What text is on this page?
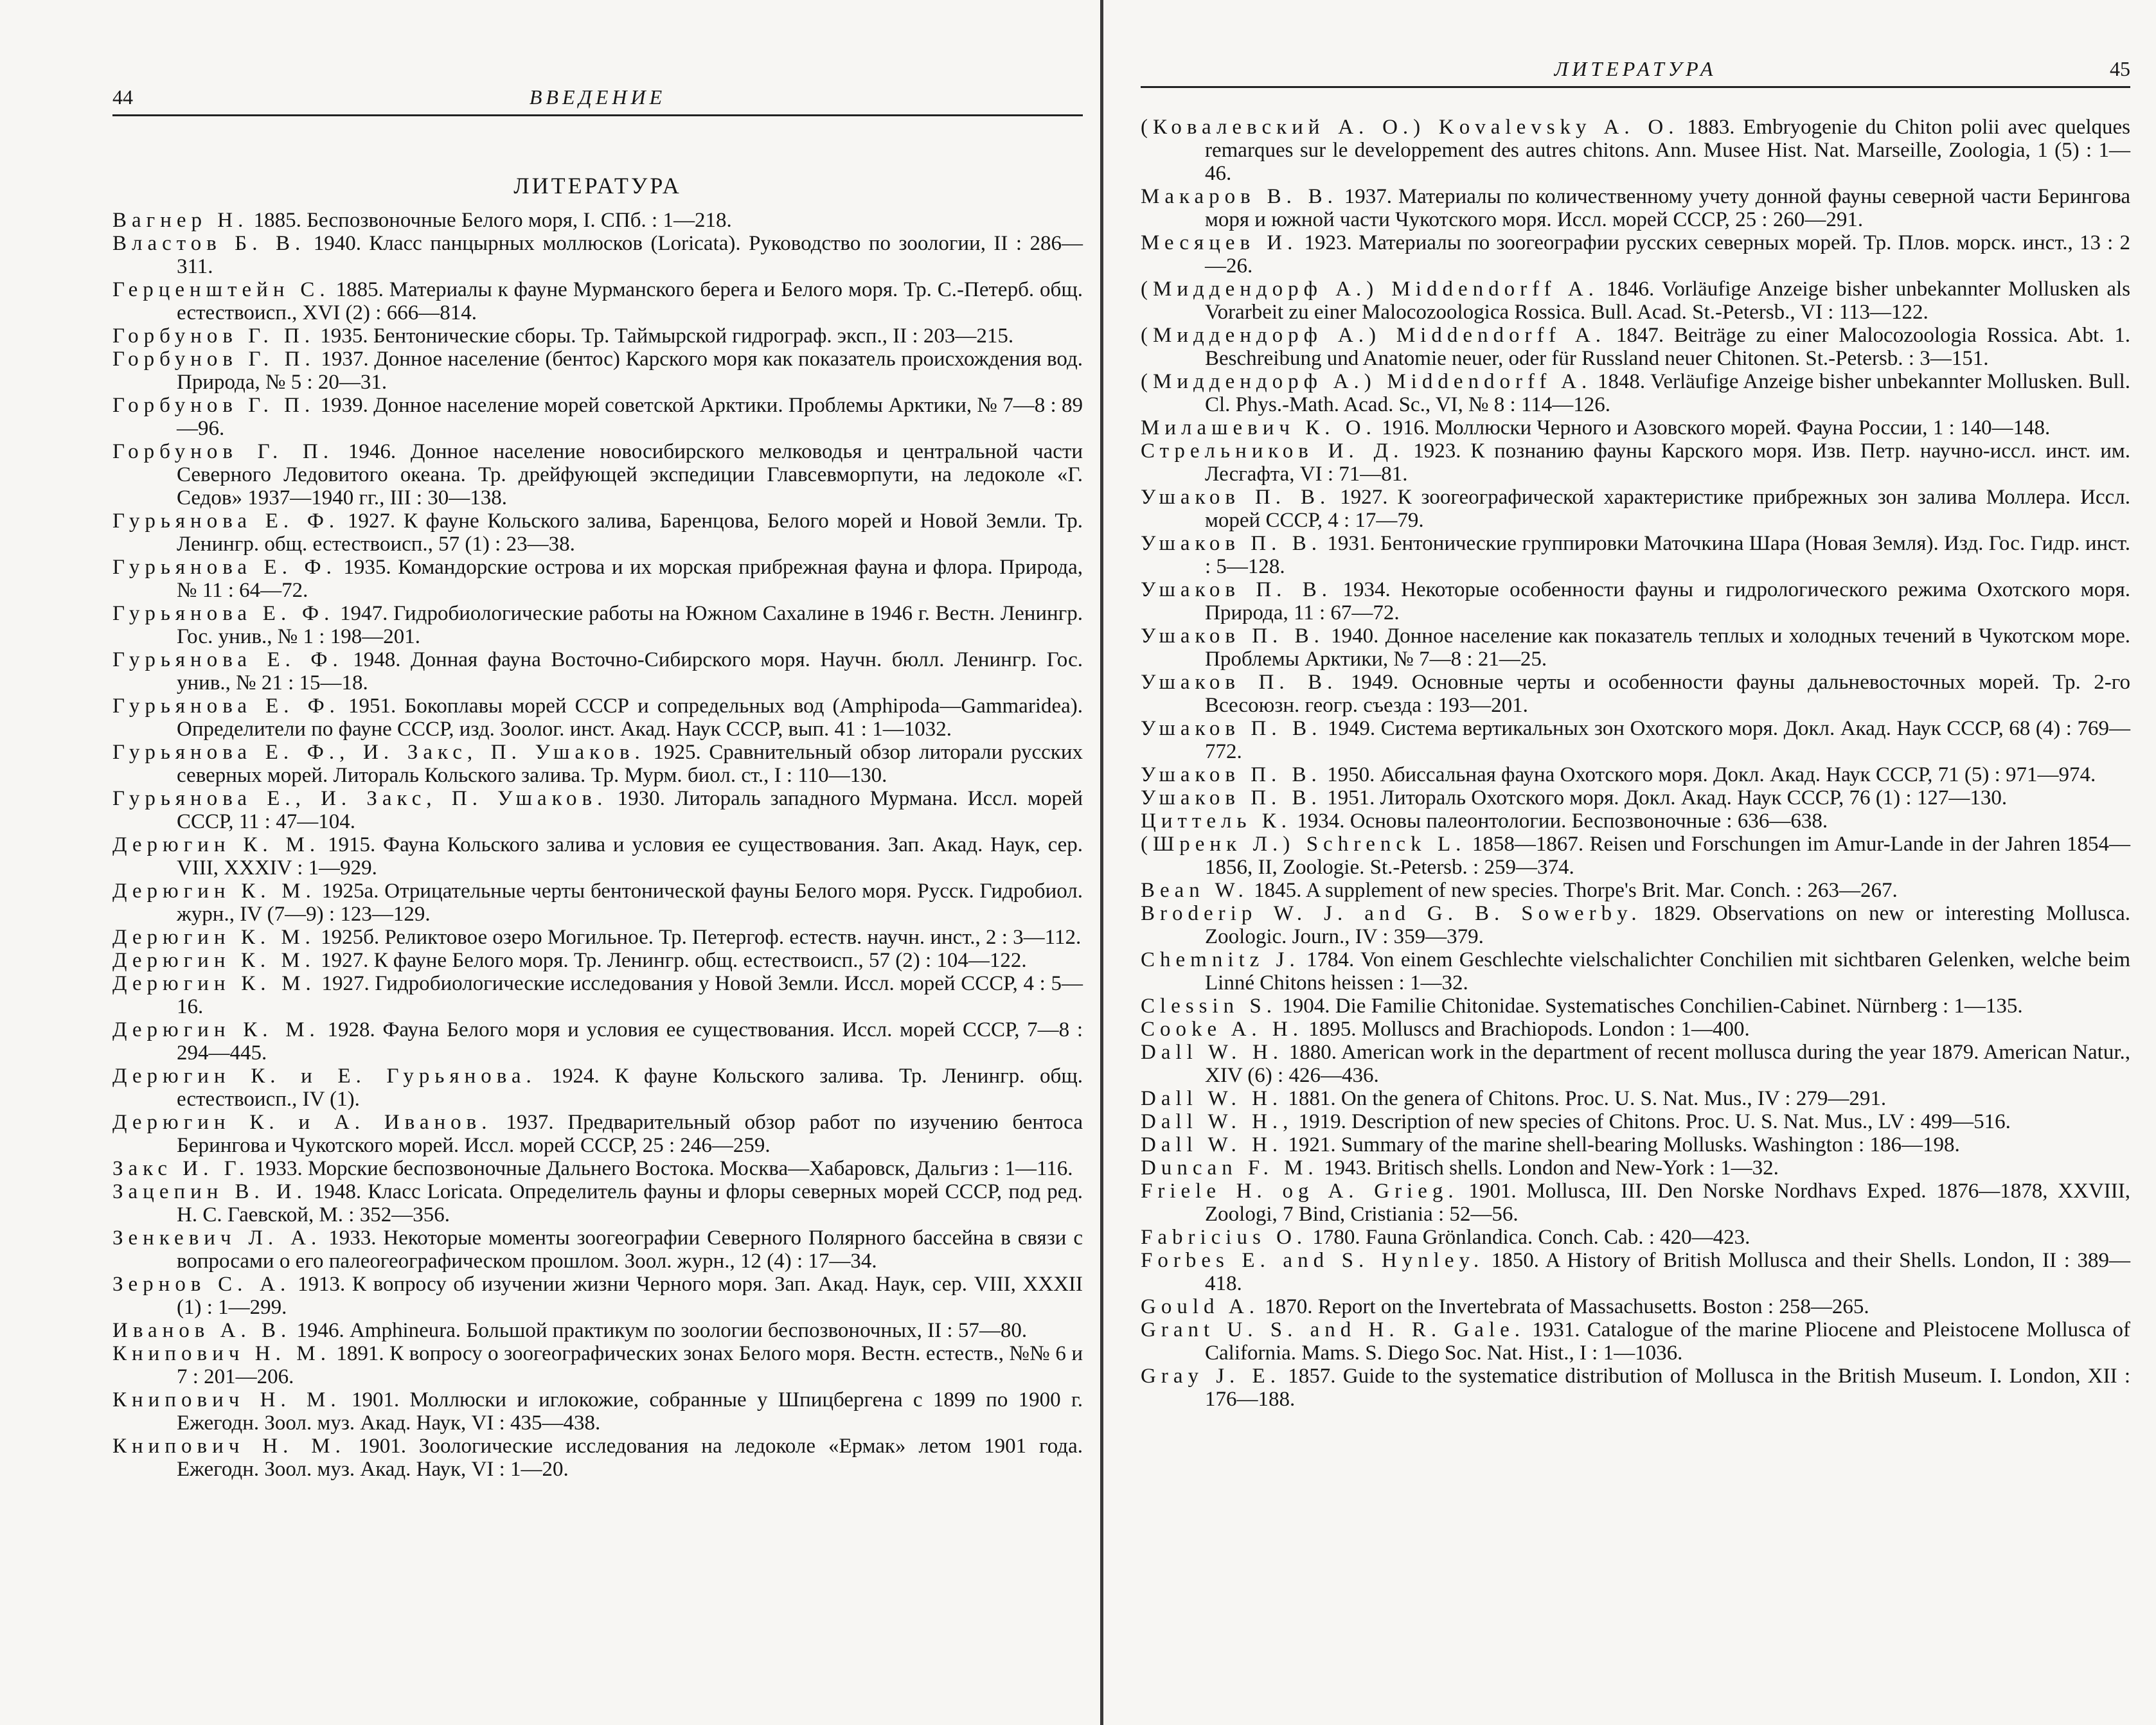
44	ВВЕДЕНИЕ
ЛИТЕРАТУРА
Вагнер Н. 1885. Беспозвоночные Белого моря, I. СПб. : 1—218.
Властов Б. В. 1940. Класс панцырных моллюсков (Loricata). Руководство по зоологии, II : 286—311.
Герценштейн С. 1885. Материалы к фауне Мурманского берега и Белого моря. Тр. С.-Петерб. общ. естествоисп., XVI (2) : 666—814.
Горбунов Г. П. 1935. Бентонические сборы. Тр. Таймырской гидрограф. эксп., II : 203—215.
Горбунов Г. П. 1937. Донное население (бентос) Карского моря как показатель происхождения вод. Природа, № 5 : 20—31.
Горбунов Г. П. 1939. Донное население морей советской Арктики. Проблемы Арктики, № 7—8 : 89—96.
Горбунов Г. П. 1946. Донное население новосибирского мелководья и центральной части Северного Ледовитого океана. Тр. дрейфующей экспедиции Главсевморпути, на ледоколе «Г. Седов» 1937—1940 гг., III : 30—138.
Гурьянова Е. Ф. 1927. К фауне Кольского залива, Баренцова, Белого морей и Новой Земли. Тр. Ленингр. общ. естествоисп., 57 (1) : 23—38.
Гурьянова Е. Ф. 1935. Командорские острова и их морская прибрежная фауна и флора. Природа, № 11 : 64—72.
Гурьянова Е. Ф. 1947. Гидробиологические работы на Южном Сахалине в 1946 г. Вестн. Ленингр. Гос. унив., № 1 : 198—201.
Гурьянова Е. Ф. 1948. Донная фауна Восточно-Сибирского моря. Научн. бюлл. Ленингр. Гос. унив., № 21 : 15—18.
Гурьянова Е. Ф. 1951. Бокоплавы морей СССР и сопредельных вод (Amphipoda—Gammaridea). Определители по фауне СССР, изд. Зоолог. инст. Акад. Наук СССР, вып. 41 : 1—1032.
Гурьянова Е. Ф., И. Закс, П. Ушаков. 1925. Сравнительный обзор литорали русских северных морей. Литораль Кольского залива. Тр. Мурм. биол. ст., I : 110—130.
Гурьянова Е., И. Закс, П. Ушаков. 1930. Литораль западного Мурмана. Иссл. морей СССР, 11 : 47—104.
Дерюгин К. М. 1915. Фауна Кольского залива и условия ее существования. Зап. Акад. Наук, сер. VIII, XXXIV : 1—929.
Дерюгин К. М. 1925а. Отрицательные черты бентонической фауны Белого моря. Русск. Гидробиол. журн., IV (7—9) : 123—129.
Дерюгин К. М. 1925б. Реликтовое озеро Могильное. Тр. Петергоф. естеств. научн. инст., 2 : 3—112.
Дерюгин К. М. 1927. К фауне Белого моря. Тр. Ленингр. общ. естествоисп., 57 (2) : 104—122.
Дерюгин К. М. 1927. Гидробиологические исследования у Новой Земли. Иссл. морей СССР, 4 : 5—16.
Дерюгин К. М. 1928. Фауна Белого моря и условия ее существования. Иссл. морей СССР, 7—8 : 294—445.
Дерюгин К. и Е. Гурьянова. 1924. К фауне Кольского залива. Тр. Ленингр. общ. естествоисп., IV (1).
Дерюгин К. и А. Иванов. 1937. Предварительный обзор работ по изучению бентоса Берингова и Чукотского морей. Иссл. морей СССР, 25 : 246—259.
Закс И. Г. 1933. Морские беспозвоночные Дальнего Востока. Москва—Хабаровск, Дальгиз : 1—116.
Зацепин В. И. 1948. Класс Loricata. Определитель фауны и флоры северных морей СССР, под ред. Н. С. Гаевской, М. : 352—356.
Зенкевич Л. А. 1933. Некоторые моменты зоогеографии Северного Полярного бассейна в связи с вопросами о его палеогеографическом прошлом. Зоол. журн., 12 (4) : 17—34.
Зернов С. А. 1913. К вопросу об изучении жизни Черного моря. Зап. Акад. Наук, сер. VIII, XXXII (1) : 1—299.
Иванов А. В. 1946. Amphineura. Большой практикум по зоологии беспозвоночных, II : 57—80.
Книпович Н. М. 1891. К вопросу о зоогеографических зонах Белого моря. Вестн. естеств., №№ 6 и 7 : 201—206.
Книпович Н. М. 1901. Моллюски и иглокожие, собранные у Шпицбергена с 1899 по 1900 г. Ежегодн. Зоол. муз. Акад. Наук, VI : 435—438.
Книпович Н. М. 1901. Зоологические исследования на ледоколе «Ермак» летом 1901 года. Ежегодн. Зоол. муз. Акад. Наук, VI : 1—20.
ЛИТЕРАТУРА	45
(Ковалевский А. О.) Kovalevsky A. O. 1883. Embryogenie du Chiton polii avec quelques remarques sur le developpement des autres chitons. Ann. Musee Hist. Nat. Marseille, Zoologia, 1 (5) : 1—46.
Макаров В. В. 1937. Материалы по количественному учету донной фауны северной части Берингова моря и южной части Чукотского моря. Иссл. морей СССР, 25 : 260—291.
Месяцев И. 1923. Материалы по зоогеографии русских северных морей. Тр. Плов. морск. инст., 13 : 2—26.
(Миддендорф А.) Middendorff A. 1846. Vorläufige Anzeige bisher unbekannter Mollusken als Vorarbeit zu einer Malocozoologica Rossica. Bull. Acad. St.-Petersb., VI : 113—122.
(Миддендорф А.) Middendorff A. 1847. Beiträge zu einer Malocozoologia Rossica. Abt. 1. Beschreibung und Anatomie neuer, oder für Russland neuer Chitonen. St.-Petersb. : 3—151.
(Миддендорф А.) Middendorff A. 1848. Verläufige Anzeige bisher unbekannter Mollusken. Bull. Cl. Phys.-Math. Acad. Sc., VI, № 8 : 114—126.
Милашевич К. О. 1916. Моллюски Черного и Азовского морей. Фауна России, 1 : 140—148.
Стрельников И. Д. 1923. К познанию фауны Карского моря. Изв. Петр. научно-иссл. инст. им. Лесгафта, VI : 71—81.
Ушаков П. В. 1927. К зоогеографической характеристике прибрежных зон залива Моллера. Иссл. морей СССР, 4 : 17—79.
Ушаков П. В. 1931. Бентонические группировки Маточкина Шара (Новая Земля). Изд. Гос. Гидр. инст. : 5—128.
Ушаков П. В. 1934. Некоторые особенности фауны и гидрологического режима Охотского моря. Природа, 11 : 67—72.
Ушаков П. В. 1940. Донное население как показатель теплых и холодных течений в Чукотском море. Проблемы Арктики, № 7—8 : 21—25.
Ушаков П. В. 1949. Основные черты и особенности фауны дальневосточных морей. Тр. 2-го Всесоюзн. геогр. съезда : 193—201.
Ушаков П. В. 1949. Система вертикальных зон Охотского моря. Докл. Акад. Наук СССР, 68 (4) : 769—772.
Ушаков П. В. 1950. Абиссальная фауна Охотского моря. Докл. Акад. Наук СССР, 71 (5) : 971—974.
Ушаков П. В. 1951. Литораль Охотского моря. Докл. Акад. Наук СССР, 76 (1) : 127—130.
Циттель К. 1934. Основы палеонтологии. Беспозвоночные : 636—638.
(Шренк Л.) Schrenck L. 1858—1867. Reisen und Forschungen im Amur-Lande in der Jahren 1854—1856, II, Zoologie. St.-Petersb. : 259—374.
Bean W. 1845. A supplement of new species. Thorpe's Brit. Mar. Conch. : 263—267.
Broderip W. J. and G. B. Sowerby. 1829. Observations on new or interesting Mollusca. Zoologic. Journ., IV : 359—379.
Chemnitz J. 1784. Von einem Geschlechte vielschalichter Conchilien mit sichtbaren Gelenken, welche beim Linné Chitons heissen : 1—32.
Clessin S. 1904. Die Familie Chitonidae. Systematisches Conchilien-Cabinet. Nürnberg : 1—135.
Cooke A. H. 1895. Molluscs and Brachiopods. London : 1—400.
Dall W. H. 1880. American work in the department of recent mollusca during the year 1879. American Natur., XIV (6) : 426—436.
Dall W. H. 1881. On the genera of Chitons. Proc. U. S. Nat. Mus., IV : 279—291.
Dall W. H., 1919. Description of new species of Chitons. Proc. U. S. Nat. Mus., LV : 499—516.
Dall W. H. 1921. Summary of the marine shell-bearing Mollusks. Washington : 186—198.
Duncan F. M. 1943. Britisch shells. London and New-York : 1—32.
Friele H. og A. Grieg. 1901. Mollusca, III. Den Norske Nordhavs Exped. 1876—1878, XXVIII, Zoologi, 7 Bind, Cristiania : 52—56.
Fabricius O. 1780. Fauna Grönlandica. Conch. Cab. : 420—423.
Forbes E. and S. Hynley. 1850. A History of British Mollusca and their Shells. London, II : 389—418.
Gould A. 1870. Report on the Invertebrata of Massachusetts. Boston : 258—265.
Grant U. S. and H. R. Gale. 1931. Catalogue of the marine Pliocene and Pleistocene Mollusca of California. Mams. S. Diego Soc. Nat. Hist., I : 1—1036.
Gray J. E. 1857. Guide to the systematice distribution of Mollusca in the British Museum. I. London, XII : 176—188.
